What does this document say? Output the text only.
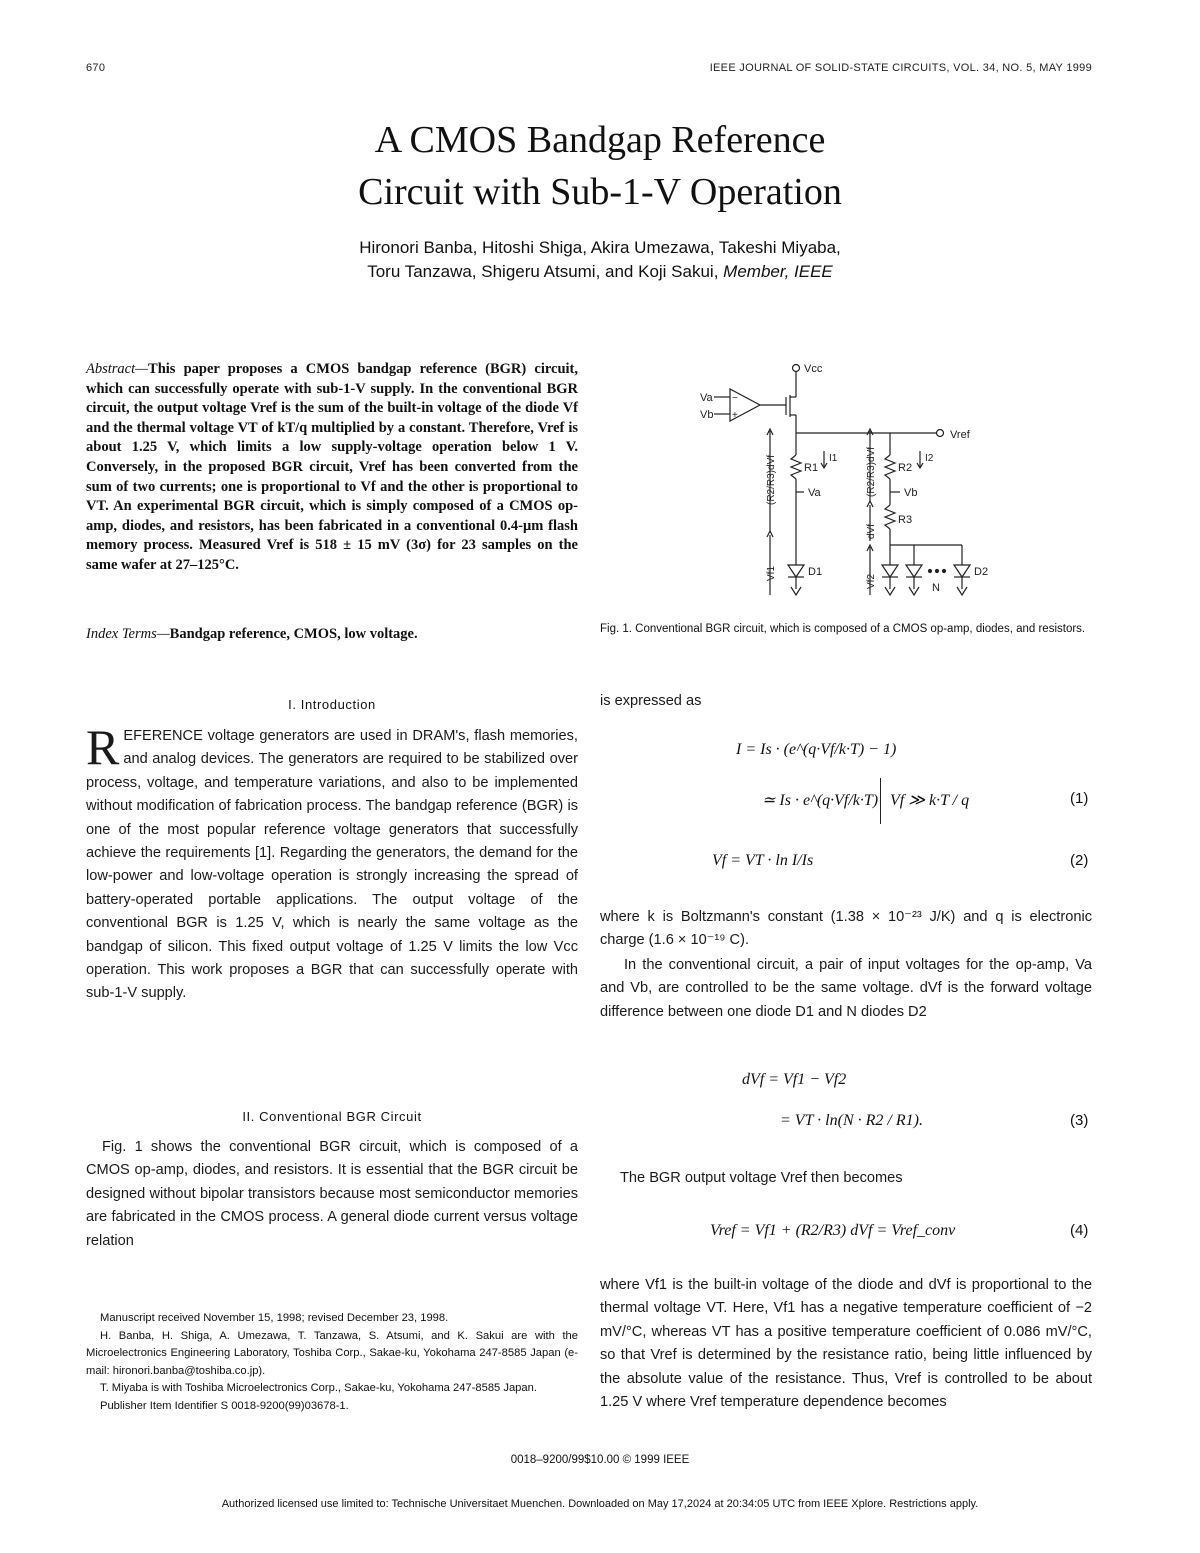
670	IEEE JOURNAL OF SOLID-STATE CIRCUITS, VOL. 34, NO. 5, MAY 1999
A CMOS Bandgap Reference
Circuit with Sub-1-V Operation
Hironori Banba, Hitoshi Shiga, Akira Umezawa, Takeshi Miyaba,
Toru Tanzawa, Shigeru Atsumi, and Koji Sakui, Member, IEEE
Abstract—This paper proposes a CMOS bandgap reference (BGR) circuit, which can successfully operate with sub-1-V supply. In the conventional BGR circuit, the output voltage Vref is the sum of the built-in voltage of the diode Vf and the thermal voltage VT of kT/q multiplied by a constant. Therefore, Vref is about 1.25 V, which limits a low supply-voltage operation below 1 V. Conversely, in the proposed BGR circuit, Vref has been converted from the sum of two currents; one is proportional to Vf and the other is proportional to VT. An experimental BGR circuit, which is simply composed of a CMOS op-amp, diodes, and resistors, has been fabricated in a conventional 0.4-μm flash memory process. Measured Vref is 518 ± 15 mV (3σ) for 23 samples on the same wafer at 27–125°C.
Index Terms—Bandgap reference, CMOS, low voltage.
I. Introduction
REFERENCE voltage generators are used in DRAM's, flash memories, and analog devices. The generators are required to be stabilized over process, voltage, and temperature variations, and also to be implemented without modification of fabrication process. The bandgap reference (BGR) is one of the most popular reference voltage generators that successfully achieve the requirements [1]. Regarding the generators, the demand for the low-power and low-voltage operation is strongly increasing the spread of battery-operated portable applications. The output voltage of the conventional BGR is 1.25 V, which is nearly the same voltage as the bandgap of silicon. This fixed output voltage of 1.25 V limits the low Vcc operation. This work proposes a BGR that can successfully operate with sub-1-V supply.
II. Conventional BGR Circuit
Fig. 1 shows the conventional BGR circuit, which is composed of a CMOS op-amp, diodes, and resistors. It is essential that the BGR circuit be designed without bipolar transistors because most semiconductor memories are fabricated in the CMOS process. A general diode current versus voltage relation

Manuscript received November 15, 1998; revised December 23, 1998.

H. Banba, H. Shiga, A. Umezawa, T. Tanzawa, S. Atsumi, and K. Sakui are with the Microelectronics Engineering Laboratory, Toshiba Corp., Sakae-ku, Yokohama 247-8585 Japan (e-mail: hironori.banba@toshiba.co.jp).

T. Miyaba is with Toshiba Microelectronics Corp., Sakae-ku, Yokohama 247-8585 Japan.

Publisher Item Identifier S 0018-9200(99)03678-1.

Vcc
−
+
Va
Vb
Vref
R1
I1
Va
D1
(R2/R3)dVf
Vf1
R2
I2
Vb
R3
N
D2
(R2/R3)dVf
dVf
Vf2
Fig. 1. Conventional BGR circuit, which is composed of a CMOS op-amp, diodes, and resistors.
is expressed as
I = Is · (e^(q·Vf/k·T) − 1)
≃ Is · e^(q·Vf/k·T) Vf ≫ k·T / q	(1)
Vf = VT · ln I/Is	(2)
where k is Boltzmann's constant (1.38 × 10⁻²³ J/K) and q is electronic charge (1.6 × 10⁻¹⁹ C).
In the conventional circuit, a pair of input voltages for the op-amp, Va and Vb, are controlled to be the same voltage. dVf is the forward voltage difference between one diode D1 and N diodes D2
dVf = Vf1 − Vf2
= VT · ln(N · R2 / R1).	(3)
The BGR output voltage Vref then becomes
Vref = Vf1 + (R2/R3) dVf = Vref_conv	(4)
where Vf1 is the built-in voltage of the diode and dVf is proportional to the thermal voltage VT. Here, Vf1 has a negative temperature coefficient of −2 mV/°C, whereas VT has a positive temperature coefficient of 0.086 mV/°C, so that Vref is determined by the resistance ratio, being little influenced by the absolute value of the resistance. Thus, Vref is controlled to be about 1.25 V where Vref temperature dependence becomes
0018–9200/99$10.00 © 1999 IEEE
Authorized licensed use limited to: Technische Universitaet Muenchen. Downloaded on May 17,2024 at 20:34:05 UTC from IEEE Xplore. Restrictions apply.
